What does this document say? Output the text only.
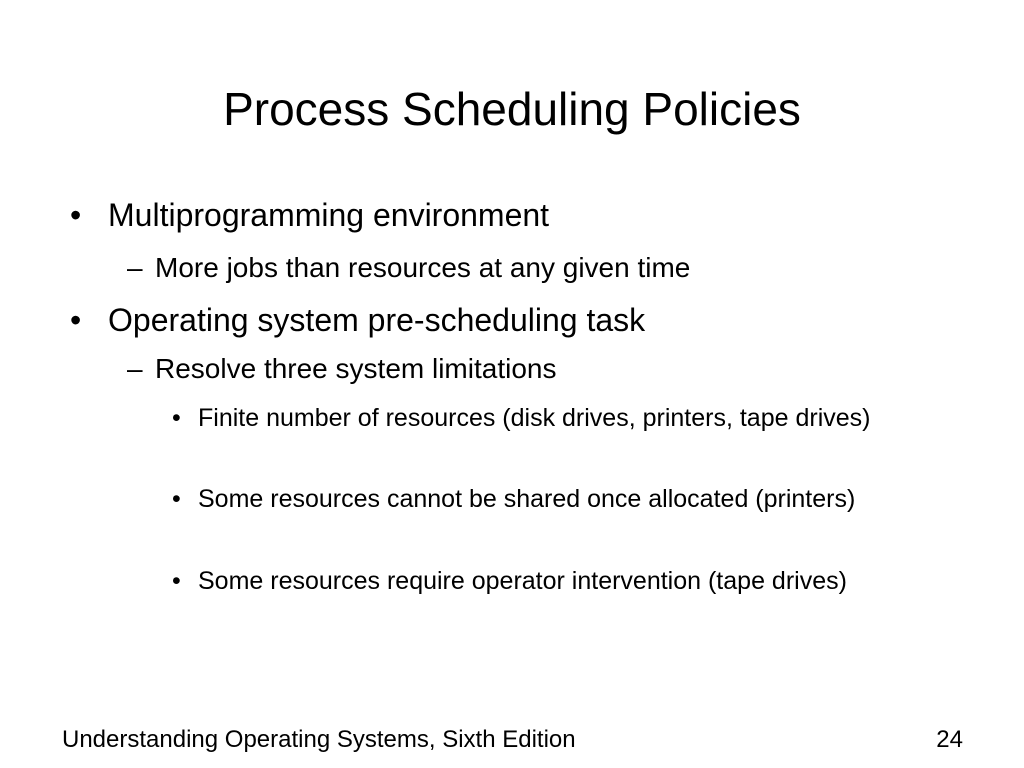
Process Scheduling Policies
• Multiprogramming environment
– More jobs than resources at any given time
• Operating system pre-scheduling task
– Resolve three system limitations
• Finite number of resources (disk drives, printers, tape drives)
• Some resources cannot be shared once allocated (printers)
• Some resources require operator intervention (tape drives)
Understanding Operating Systems, Sixth Edition	24
